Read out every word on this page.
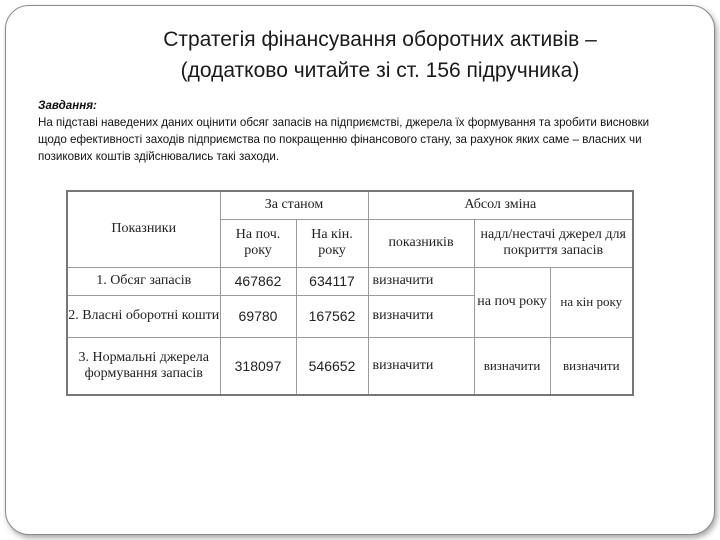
Стратегія фінансування оборотних активів –
(додатково читайте зі ст. 156 підручника)
Завдання:
На підставі наведених даних оцінити обсяг запасів на підприємстві, джерела їх формування та зробити висновки щодо ефективності заходів підприємства по покращенню фінансового стану, за рахунок яких саме – власних чи позикових коштів здійснювались такі заходи.
Показники	За станом		Абсол зміна		
	На поч. року	На кін. року	показників	надл/нестачі джерел для покриття запасів	
1. Обсяг запасів	467862	634117	визначити	на поч року	на кін року
2. Власні оборотні кошти	69780	167562	визначити		
3. Нормальні джерела формування запасів	318097	546652	визначити	визначити	визначити
